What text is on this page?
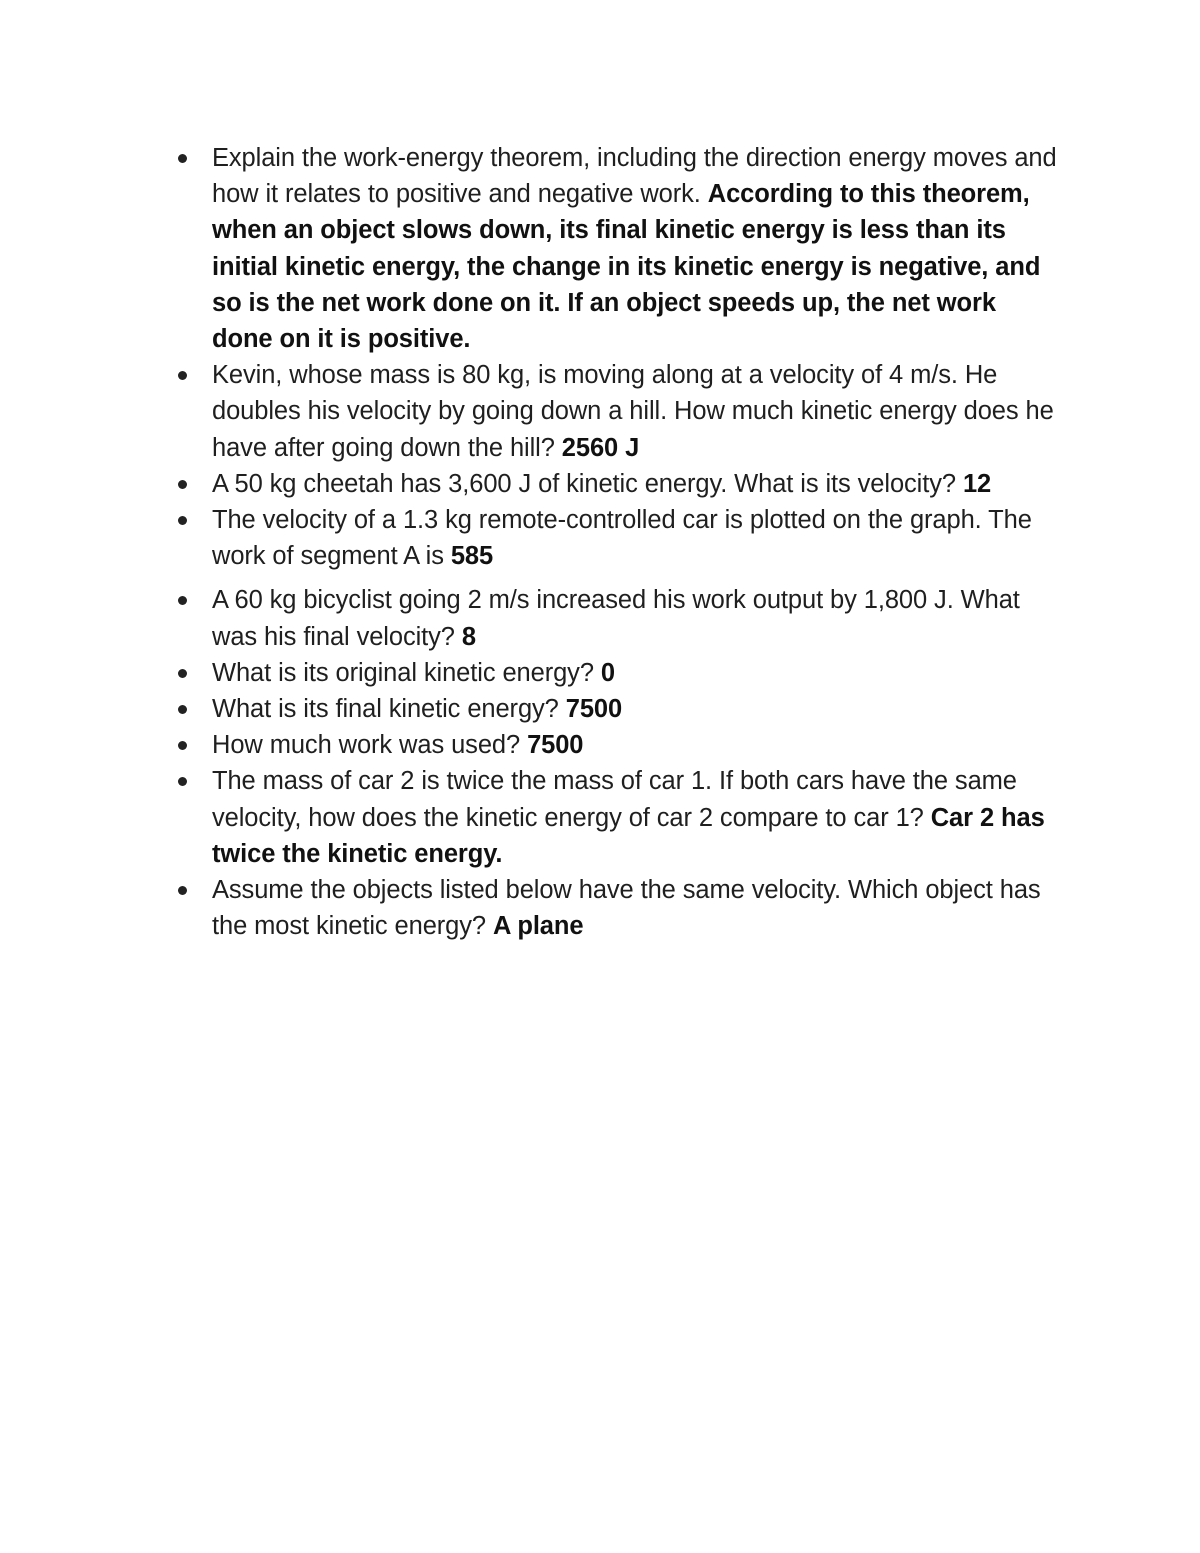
Explain the work-energy theorem, including the direction energy moves and how it relates to positive and negative work. According to this theorem, when an object slows down, its final kinetic energy is less than its initial kinetic energy, the change in its kinetic energy is negative, and so is the net work done on it. If an object speeds up, the net work done on it is positive.
Kevin, whose mass is 80 kg, is moving along at a velocity of 4 m/s. He doubles his velocity by going down a hill. How much kinetic energy does he have after going down the hill? 2560 J
A 50 kg cheetah has 3,600 J of kinetic energy. What is its velocity? 12
The velocity of a 1.3 kg remote-controlled car is plotted on the graph. The work of segment A is 585
A 60 kg bicyclist going 2 m/s increased his work output by 1,800 J. What was his final velocity? 8
What is its original kinetic energy? 0
What is its final kinetic energy? 7500
How much work was used? 7500
The mass of car 2 is twice the mass of car 1. If both cars have the same velocity, how does the kinetic energy of car 2 compare to car 1? Car 2 has twice the kinetic energy.
Assume the objects listed below have the same velocity. Which object has the most kinetic energy? A plane
